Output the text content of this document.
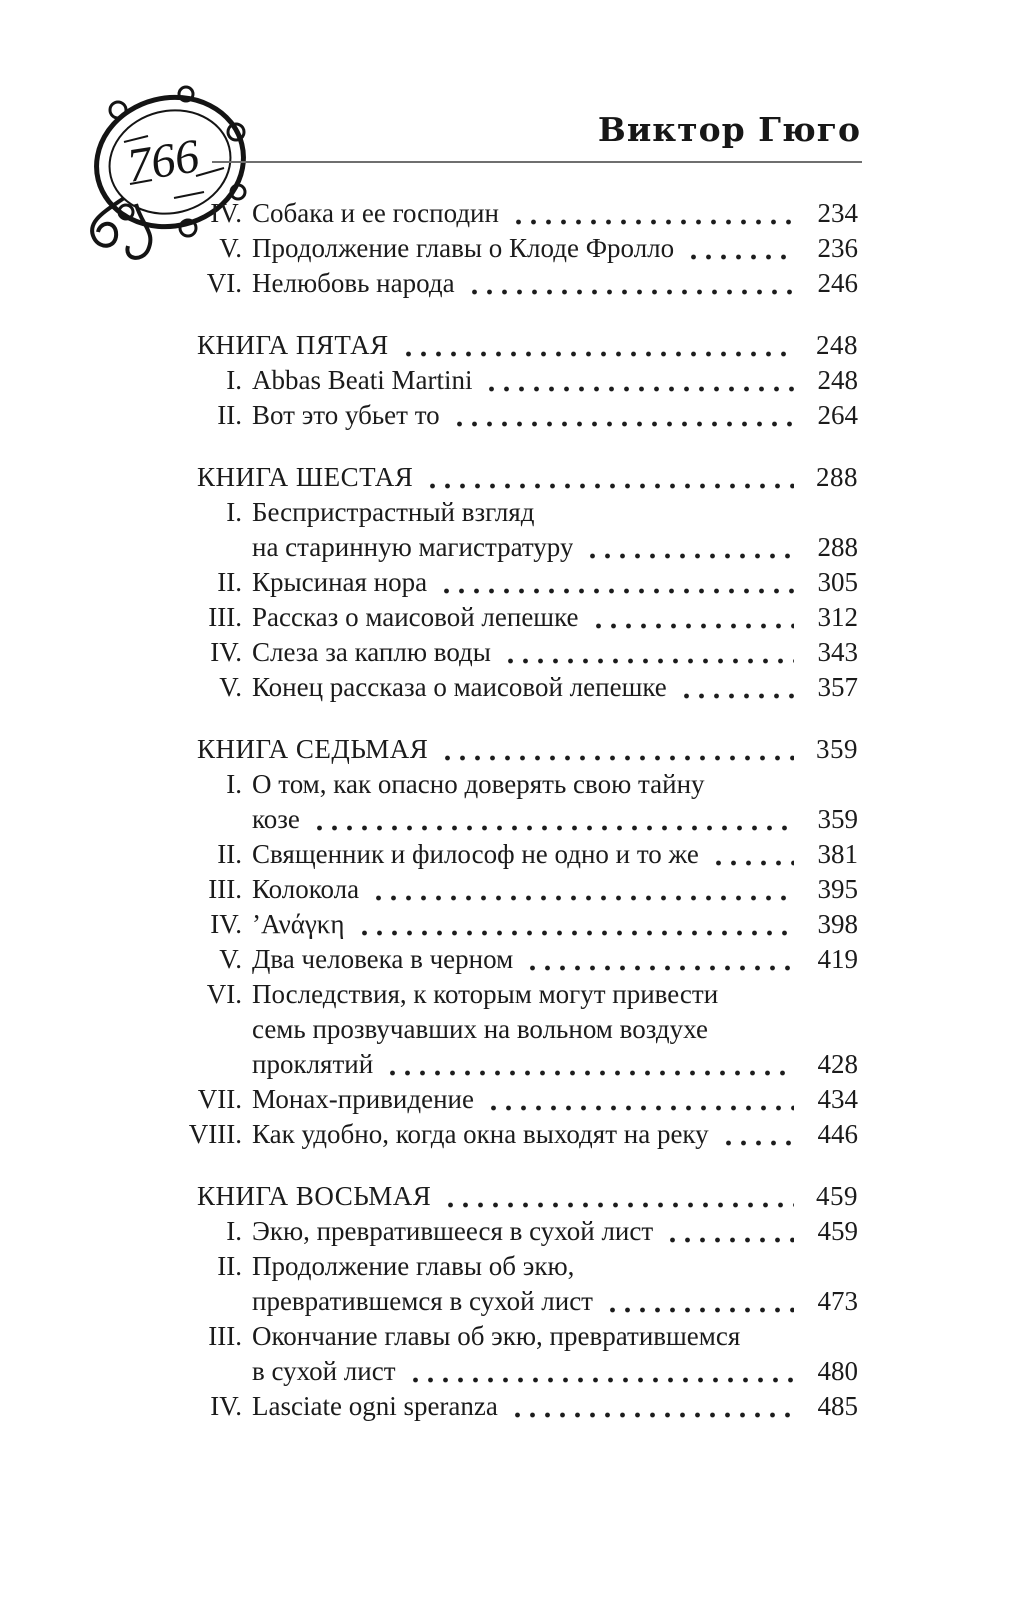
766	Виктор Гюго
IV. Собака и ее господин	234
V. Продолжение главы о Клоде Фролло	236
VI. Нелюбовь народа	246
КНИГА ПЯТАЯ	248
I. Abbas Beati Martini	248
II. Вот это убьет то	264
КНИГА ШЕСТАЯ	288
I. Беспристрастный взгляд
на старинную магистратуру	288
II. Крысиная нора	305
III. Рассказ о маисовой лепешке	312
IV. Слеза за каплю воды	343
V. Конец рассказа о маисовой лепешке	357
КНИГА СЕДЬМАЯ	359
I. О том, как опасно доверять свою тайну
козе	359
II. Священник и философ не одно и то же	381
III. Колокола	395
IV. ’Ανάγκη	398
V. Два человека в черном	419
VI. Последствия, к которым могут привести
семь прозвучавших на вольном воздухе
проклятий	428
VII. Монах-привидение	434
VIII. Как удобно, когда окна выходят на реку	446
КНИГА ВОСЬМАЯ	459
I. Экю, превратившееся в сухой лист	459
II. Продолжение главы об экю,
превратившемся в сухой лист	473
III. Окончание главы об экю, превратившемся
в сухой лист	480
IV. Lasciate ogni speranza	485
